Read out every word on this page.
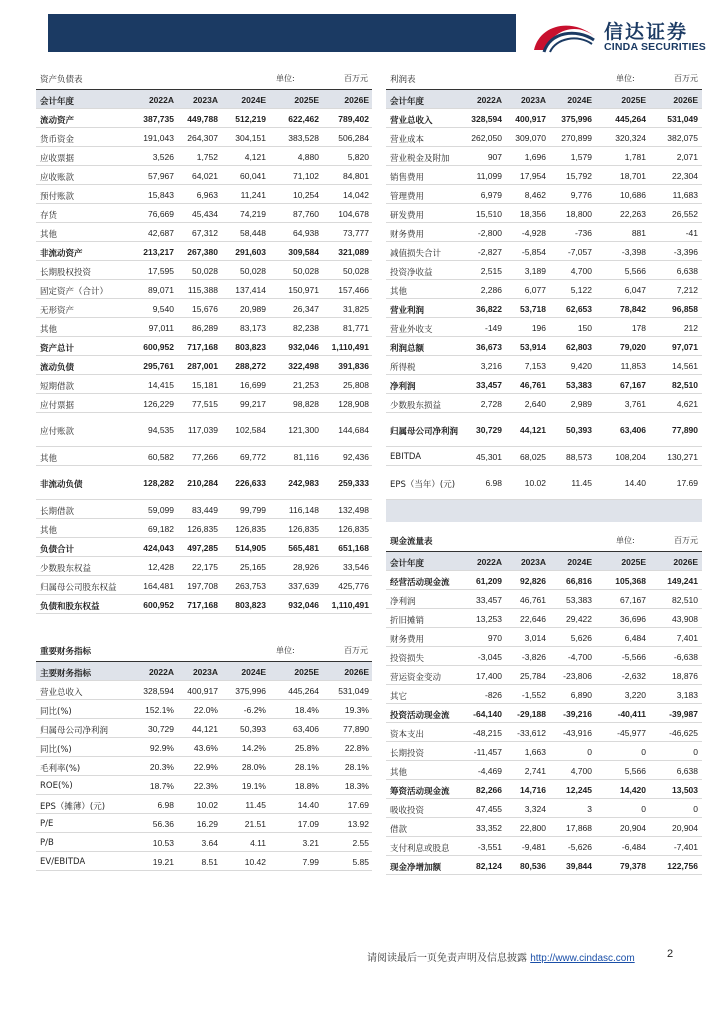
信达证券
CINDA SECURITIES
资产负债表	单位:	百万元
会计年度	2022A 2023A	2024E	2025E	2026E
流动资产	387,735 449,788 512,219	622,462 789,402
货币资金	191,043 264,307 304,151	383,528 506,284
应收票据	3,526	1,752	4,121	4,880	5,820
应收账款	57,967 64,021	60,041	71,102	84,801
预付账款	15,843	6,963	11,241	10,254	14,042
存货	76,669 45,434	74,219	87,760 104,678
其他	42,687 67,312	58,448	64,938	73,777
非流动资产	213,217 267,380 291,603	309,584 321,089
长期股权投资	17,595 50,028	50,028	50,028	50,028
固定资产（合计）	89,071 115,388 137,414	150,971 157,466
无形资产	9,540 15,676	20,989	26,347	31,825
其他	97,011 86,289	83,173	82,238	81,771
资产总计	600,952 717,168 803,823	932,046 1,110,491
流动负债	295,761 287,001 288,272	322,498 391,836
短期借款	14,415 15,181	16,699	21,253	25,808
应付票据	126,229 77,515	99,217	98,828 128,908
应付账款	94,535 117,039 102,584	121,300 144,684
其他	60,582 77,266	69,772	81,116	92,436
非流动负债	128,282 210,284 226,633	242,983 259,333
长期借款	59,099 83,449	99,799	116,148 132,498
其他	69,182 126,835 126,835	126,835 126,835
负债合计	424,043 497,285 514,905	565,481 651,168
少数股东权益	12,428 22,175	25,165	28,926	33,546
归属母公司股东权益	164,481 197,708 263,753	337,639 425,776
负债和股东权益	600,952 717,168 803,823	932,046 1,110,491
重要财务指标	单位:	百万元
主要财务指标	2022A 2023A	2024E	2025E	2026E
营业总收入	328,594 400,917 375,996	445,264 531,049
同比(%)	152.1% 22.0%	-6.2%	18.4%	19.3%
归属母公司净利润	30,729 44,121	50,393	63,406	77,890
同比(%)	92.9% 43.6%	14.2%	25.8%	22.8%
毛利率(%)	20.3% 22.9%	28.0%	28.1%	28.1%
ROE(%)	18.7% 22.3%	19.1%	18.8%	18.3%
EPS（摊薄）(元)	6.98	10.02	11.45	14.40	17.69
P/E	56.36	16.29	21.51	17.09	13.92
P/B	10.53	3.64	4.11	3.21	2.55
EV/EBITDA	19.21	8.51	10.42	7.99	5.85
利润表	单位:	百万元
会计年度	2022A 2023A	2024E	2025E	2026E
营业总收入	328,594 400,917 375,996	445,264	531,049
营业成本	262,050 309,070 270,899	320,324	382,075
营业税金及附加	907	1,696	1,579	1,781	2,071
销售费用	11,099 17,954 15,792	18,701	22,304
管理费用	6,979	8,462	9,776	10,686	11,683
研发费用	15,510 18,356 18,800	22,263	26,552
财务费用	-2,800 -4,928	-736	881	-41
减值损失合计	-2,827 -5,854	-7,057	-3,398	-3,396
投资净收益	2,515	3,189	4,700	5,566	6,638
其他	2,286	6,077	5,122	6,047	7,212
营业利润	36,822 53,718 62,653	78,842	96,858
营业外收支	-149	196	150	178	212
利润总额	36,673 53,914 62,803	79,020	97,071
所得税	3,216	7,153	9,420	11,853	14,561
净利润	33,457 46,761 53,383	67,167	82,510
少数股东损益	2,728	2,640	2,989	3,761	4,621
归属母公司净利润 30,729 44,121 50,393	63,406	77,890
EBITDA	45,301 68,025 88,573	108,204	130,271
EPS（当年）(元)	6.98	10.02	11.45	14.40	17.69
现金流量表	单位:	百万元
会计年度	2022A 2023A	2024E	2025E	2026E
经营活动现金流	61,209 92,826 66,816	105,368	149,241
净利润	33,457 46,761 53,383	67,167	82,510
折旧摊销	13,253 22,646 29,422	36,696	43,908
财务费用	970	3,014	5,626	6,484	7,401
投资损失	-3,045 -3,826	-4,700	-5,566	-6,638
营运资金变动	17,400 25,784 -23,806	-2,632	18,876
其它	-826 -1,552	6,890	3,220	3,183
投资活动现金流	-64,140 -29,188 -39,216	-40,411	-39,987
资本支出	-48,215 -33,612 -43,916	-45,977	-46,625
长期投资	-11,457	1,663	0	0	0
其他	-4,469	2,741	4,700	5,566	6,638
筹资活动现金流	82,266 14,716 12,245	14,420	13,503
吸收投资	47,455	3,324	3	0	0
借款	33,352 22,800 17,868	20,904	20,904
支付利息或股息	-3,551 -9,481	-5,626	-6,484	-7,401
现金净增加额	82,124 80,536 39,844	79,378	122,756
请阅读最后一页免责声明及信息披露 http://www.cindasc.com	2
